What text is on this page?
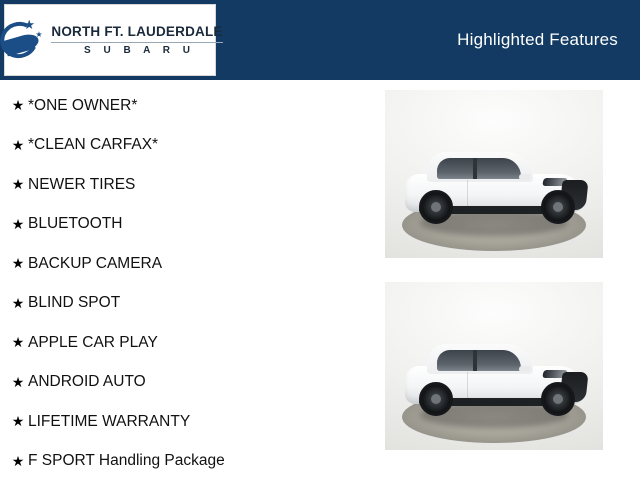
★
★
★
NORTH FT. LAUDERDALE
S U B A R U
Highlighted Features
★ *ONE OWNER*
★ *CLEAN CARFAX*
★ NEWER TIRES
★ BLUETOOTH
★ BACKUP CAMERA
★ BLIND SPOT
★ APPLE CAR PLAY
★ ANDROID AUTO
★ LIFETIME WARRANTY
★ F SPORT Handling Package
